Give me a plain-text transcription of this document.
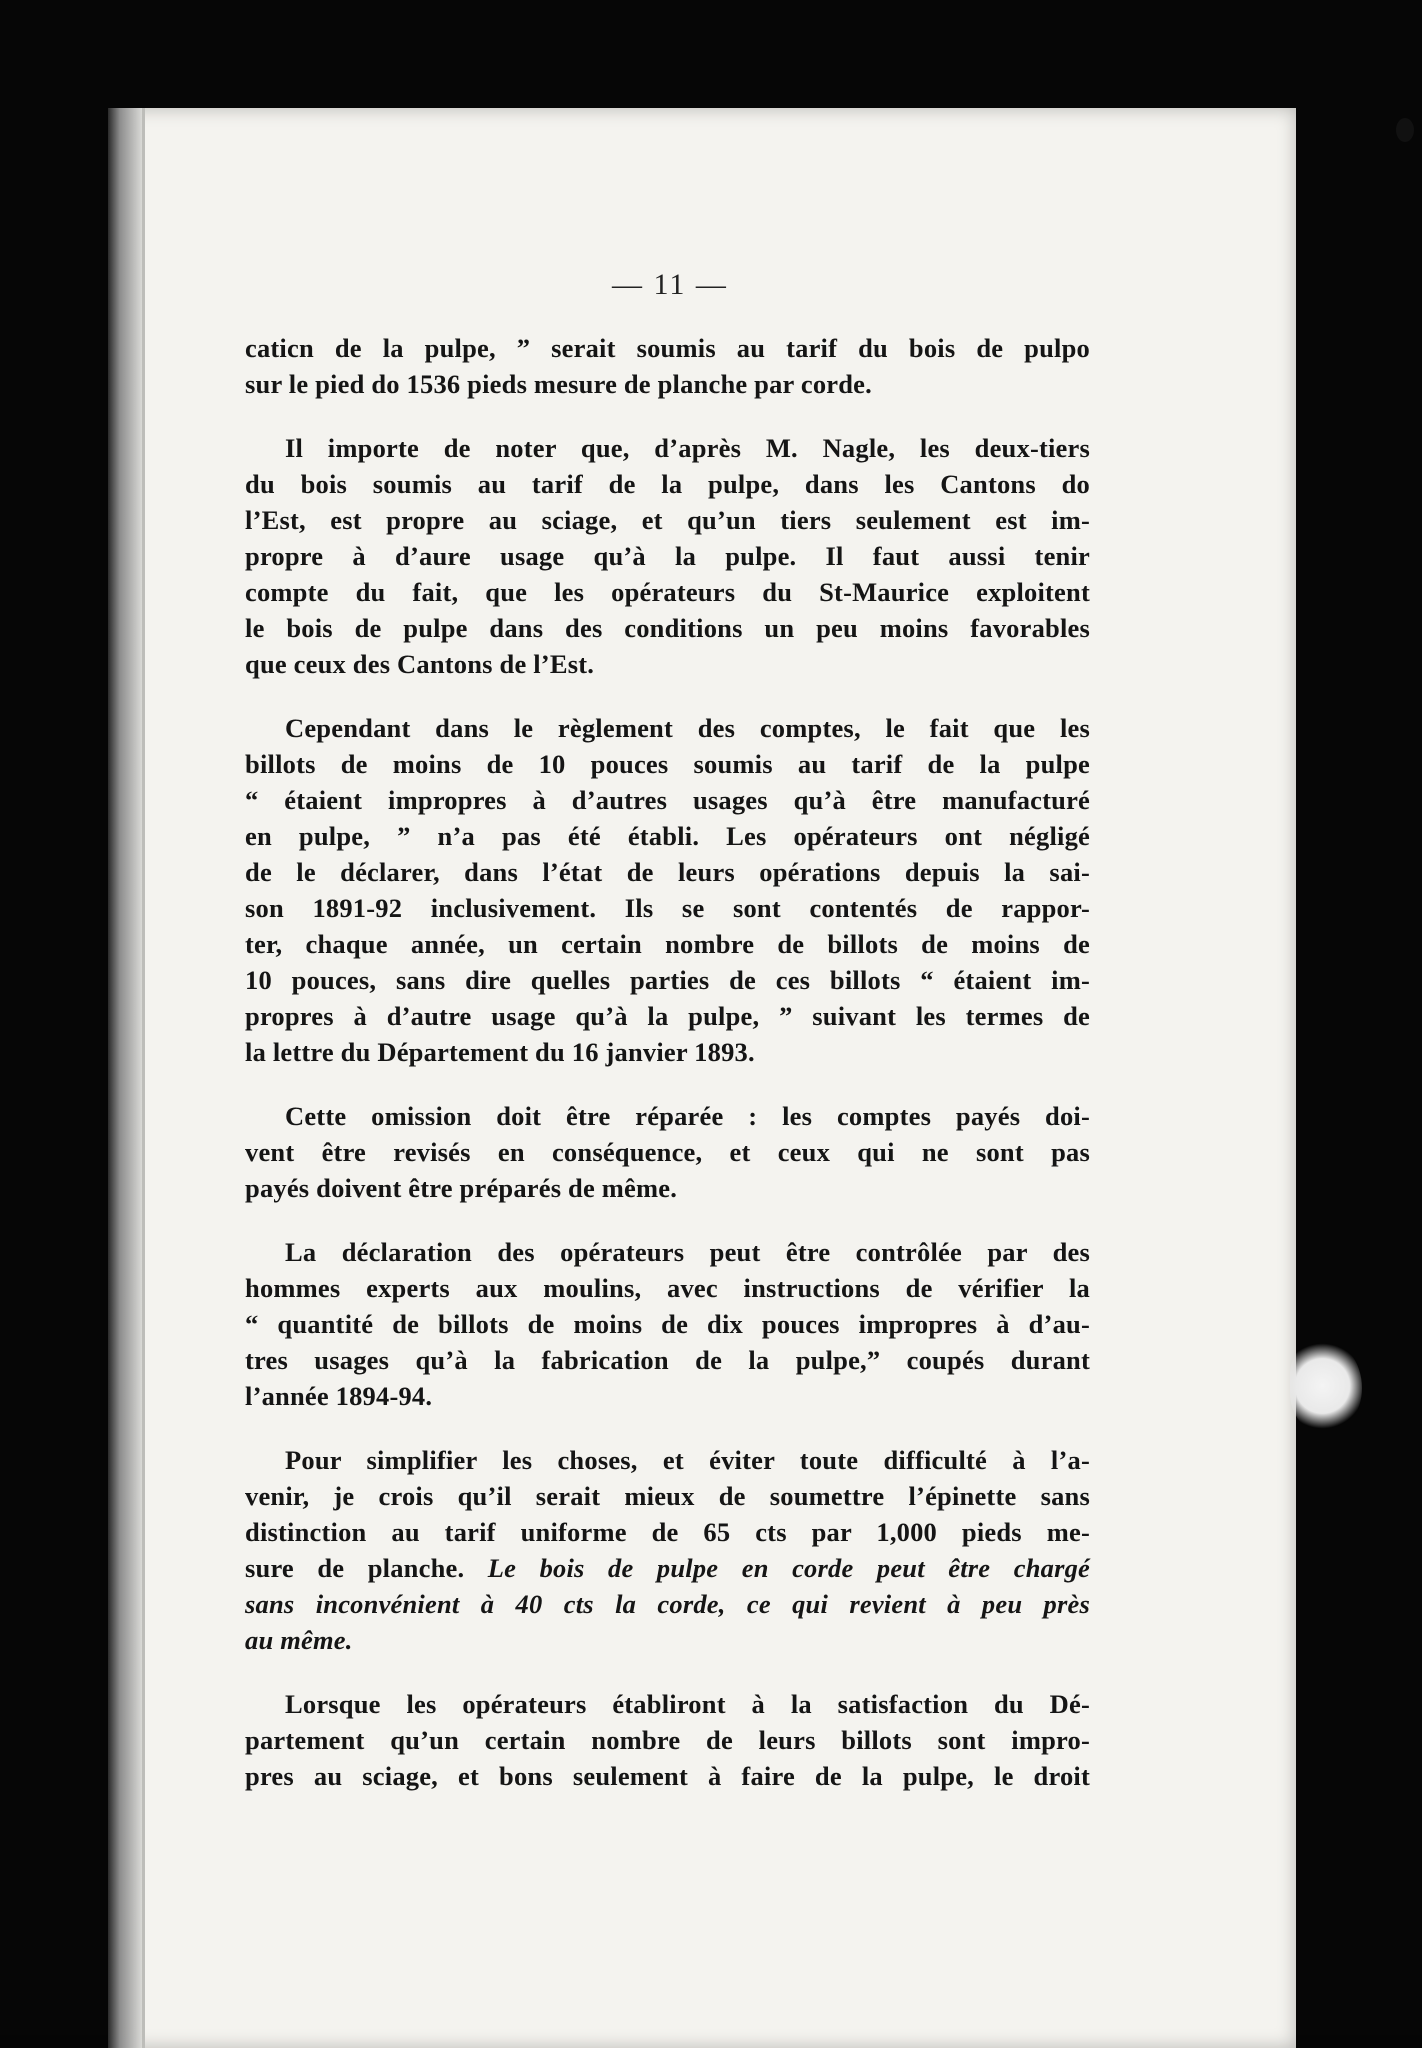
— 11 —
caticn de la pulpe, ” serait soumis au tarif du bois de pulpo
sur le pied do 1536 pieds mesure de planche par corde.
Il importe de noter que, d’après M. Nagle, les deux-tiers
du bois soumis au tarif de la pulpe, dans les Cantons do
l’Est, est propre au sciage, et qu’un tiers seulement est im-
propre à d’aure usage qu’à la pulpe. Il faut aussi tenir
compte du fait, que les opérateurs du St-Maurice exploitent
le bois de pulpe dans des conditions un peu moins favorables
que ceux des Cantons de l’Est.
Cependant dans le règlement des comptes, le fait que les
billots de moins de 10 pouces soumis au tarif de la pulpe
“ étaient impropres à d’autres usages qu’à être manufacturé
en pulpe, ” n’a pas été établi. Les opérateurs ont négligé
de le déclarer, dans l’état de leurs opérations depuis la sai-
son 1891-92 inclusivement. Ils se sont contentés de rappor-
ter, chaque année, un certain nombre de billots de moins de
10 pouces, sans dire quelles parties de ces billots “ étaient im-
propres à d’autre usage qu’à la pulpe, ” suivant les termes de
la lettre du Département du 16 janvier 1893.
Cette omission doit être réparée : les comptes payés doi-
vent être revisés en conséquence, et ceux qui ne sont pas
payés doivent être préparés de même.
La déclaration des opérateurs peut être contrôlée par des
hommes experts aux moulins, avec instructions de vérifier la
“ quantité de billots de moins de dix pouces impropres à d’au-
tres usages qu’à la fabrication de la pulpe,” coupés durant
l’année 1894-94.
Pour simplifier les choses, et éviter toute difficulté à l’a-
venir, je crois qu’il serait mieux de soumettre l’épinette sans
distinction au tarif uniforme de 65 cts par 1,000 pieds me-
sure de planche. Le bois de pulpe en corde peut être chargé
sans inconvénient à 40 cts la corde, ce qui revient à peu près
au même.
Lorsque les opérateurs établiront à la satisfaction du Dé-
partement qu’un certain nombre de leurs billots sont impro-
pres au sciage, et bons seulement à faire de la pulpe, le droit
